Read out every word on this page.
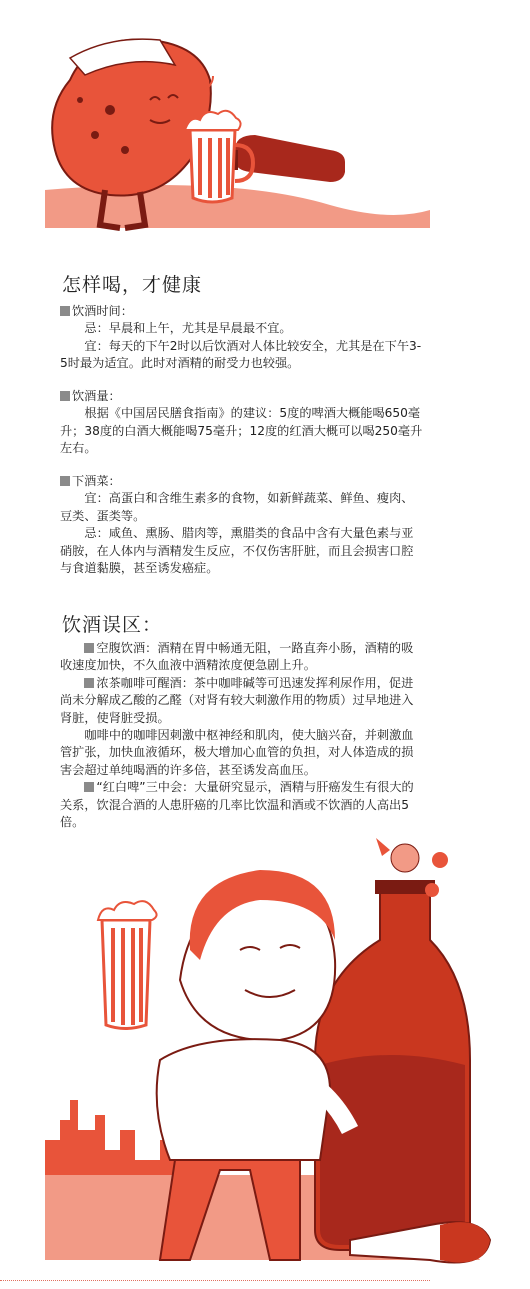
怎样喝，才健康

饮酒时间：

忌：早晨和上午，尤其是早晨最不宜。

宜：每天的下午2时以后饮酒对人体比较安全，尤其是在下午3-5时最为适宜。此时对酒精的耐受力也较强。

饮酒量：

根据《中国居民膳食指南》的建议：5度的啤酒大概能喝650毫升；38度的白酒大概能喝75毫升；12度的红酒大概可以喝250毫升左右。

下酒菜：

宜：高蛋白和含维生素多的食物，如新鲜蔬菜、鲜鱼、瘦肉、豆类、蛋类等。

忌：咸鱼、熏肠、腊肉等，熏腊类的食品中含有大量色素与亚硝胺，在人体内与酒精发生反应，不仅伤害肝脏，而且会损害口腔与食道黏膜，甚至诱发癌症。

饮酒误区：

空腹饮酒：酒精在胃中畅通无阻，一路直奔小肠，酒精的吸收速度加快，不久血液中酒精浓度便急剧上升。

浓茶咖啡可醒酒：茶中咖啡碱等可迅速发挥利尿作用，促进尚未分解成乙酸的乙醛（对肾有较大刺激作用的物质）过早地进入肾脏，使肾脏受损。

咖啡中的咖啡因刺激中枢神经和肌肉，使大脑兴奋，并刺激血管扩张，加快血液循环，极大增加心血管的负担，对人体造成的损害会超过单纯喝酒的许多倍，甚至诱发高血压。

“红白啤”三中会：大量研究显示，酒精与肝癌发生有很大的关系，饮混合酒的人患肝癌的几率比饮温和酒或不饮酒的人高出5倍。
